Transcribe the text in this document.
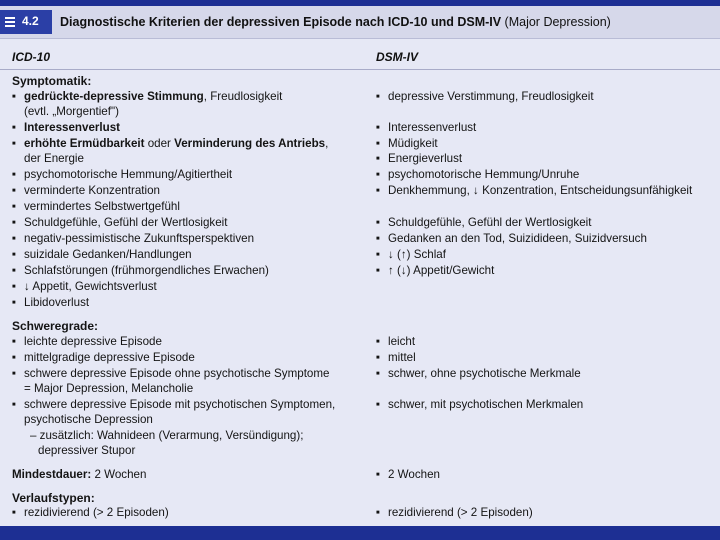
4.2 Diagnostische Kriterien der depressiven Episode nach ICD-10 und DSM-IV (Major Depression)
ICD-10	DSM-IV
Symptomatik:
■gedrückte-depressive Stimmung, Freudlosigkeit
(evtl. „Morgentief")
■Interessenverlust
■erhöhte Ermüdbarkeit oder Verminderung des Antriebs,
der Energie
■psychomotorische Hemmung/Agitiertheit
■verminderte Konzentration
■vermindertes Selbstwertgefühl
■Schuldgefühle, Gefühl der Wertlosigkeit
■negativ-pessimistische Zukunftsperspektiven
■suizidale Gedanken/Handlungen
■Schlafstörungen (frühmorgendliches Erwachen)
■↓ Appetit, Gewichtsverlust
■Libidoverlust
Schweregrade:
■leichte depressive Episode
■mittelgradige depressive Episode
■schwere depressive Episode ohne psychotische Symptome
= Major Depression, Melancholie
■schwere depressive Episode mit psychotischen Symptomen,
psychotische Depression
– zusätzlich: Wahnideen (Verarmung, Versündigung);
depressiver Stupor
Mindestdauer: 2 Wochen
Verlaufstypen:
■rezidivierend (> 2 Episoden)
■depressive Verstimmung, Freudlosigkeit
■Interessenverlust
■Müdigkeit
■Energieverlust
■psychomotorische Hemmung/Unruhe
■Denkhemmung, ↓ Konzentration, Entscheidungsunfähigkeit
■Schuldgefühle, Gefühl der Wertlosigkeit
■Gedanken an den Tod, Suizidideen, Suizidversuch
■↓ (↑) Schlaf
■↑ (↓) Appetit/Gewicht
■leicht
■mittel
■schwer, ohne psychotische Merkmale
■schwer, mit psychotischen Merkmalen
■2 Wochen
■rezidivierend (> 2 Episoden)
